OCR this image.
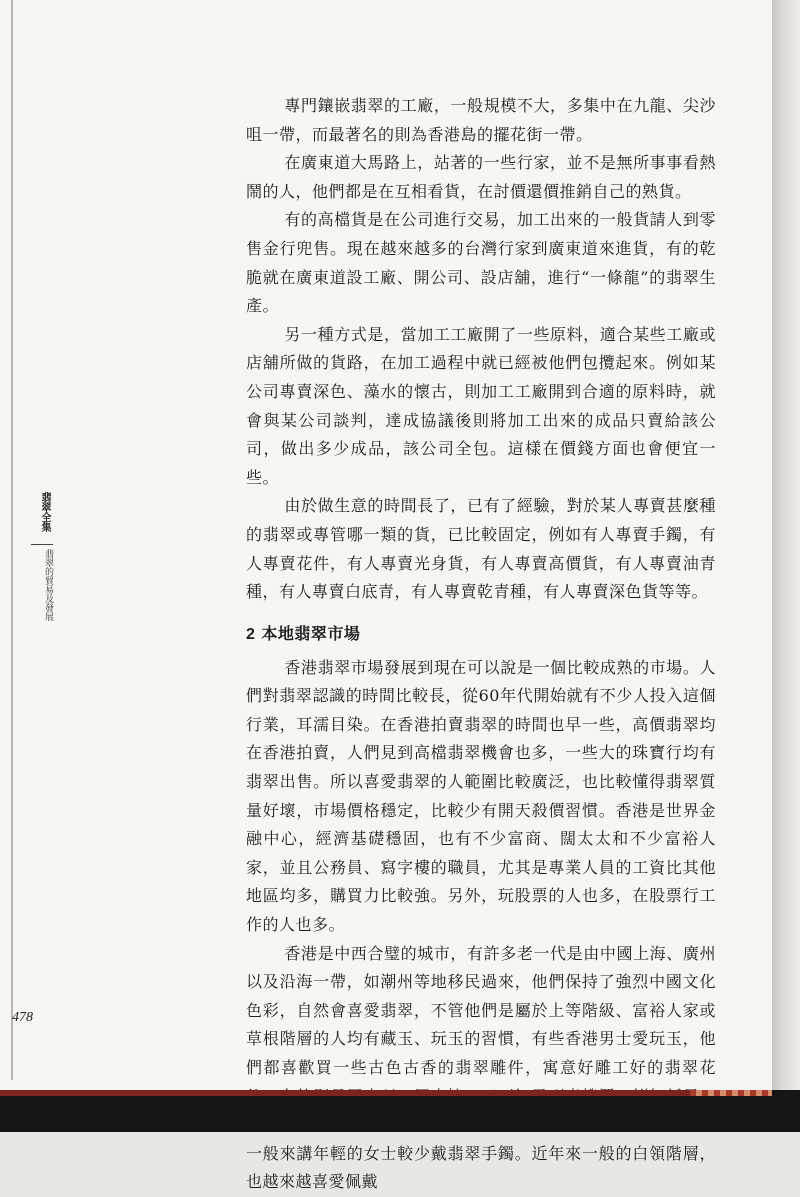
翡翠全集
翡翠的貿易及發展

專門鑲嵌翡翠的工廠，一般規模不大，多集中在九龍、尖沙咀一帶，而最著名的則為香港島的擺花街一帶。

在廣東道大馬路上，站著的一些行家，並不是無所事事看熱鬧的人，他們都是在互相看貨，在討價還價推銷自己的熟貨。

有的高檔貨是在公司進行交易，加工出來的一般貨請人到零售金行兜售。現在越來越多的台灣行家到廣東道來進貨，有的乾脆就在廣東道設工廠、開公司、設店舖，進行“一條龍”的翡翠生產。

另一種方式是，當加工工廠開了一些原料，適合某些工廠或店舖所做的貨路，在加工過程中就已經被他們包攬起來。例如某公司專賣深色、藻水的懷古，則加工工廠開到合適的原料時，就會與某公司談判，達成協議後則將加工出來的成品只賣給該公司，做出多少成品，該公司全包。這樣在價錢方面也會便宜一些。

由於做生意的時間長了，已有了經驗，對於某人專賣甚麼種的翡翠或專管哪一類的貨，已比較固定，例如有人專賣手鐲，有人專賣花件，有人專賣光身貨，有人專賣高價貨，有人專賣油青種，有人專賣白底青，有人專賣乾青種，有人專賣深色貨等等。

2 本地翡翠市場

香港翡翠市場發展到現在可以說是一個比較成熟的市場。人們對翡翠認識的時間比較長，從60年代開始就有不少人投入這個行業，耳濡目染。在香港拍賣翡翠的時間也早一些，高價翡翠均在香港拍賣，人們見到高檔翡翠機會也多，一些大的珠寶行均有翡翠出售。所以喜愛翡翠的人範圍比較廣泛，也比較懂得翡翠質量好壞，市場價格穩定，比較少有開天殺價習慣。香港是世界金融中心，經濟基礎穩固，也有不少富商、闊太太和不少富裕人家，並且公務員、寫字樓的職員，尤其是專業人員的工資比其他地區均多，購買力比較強。另外，玩股票的人也多，在股票行工作的人也多。

香港是中西合璧的城市，有許多老一代是由中國上海、廣州以及沿海一帶，如潮州等地移民過來，他們保持了強烈中國文化色彩，自然會喜愛翡翠，不管他們是屬於上等階級、富裕人家或草根階層的人均有藏玉、玩玉的習慣，有些香港男士愛玩玉，他們都喜歡買一些古色古香的翡翠雕件，寓意好雕工好的翡翠花 一般來講年輕的女士較少戴翡翠手鐲。近年來一般的白領階層，也越來越喜愛佩戴

478
